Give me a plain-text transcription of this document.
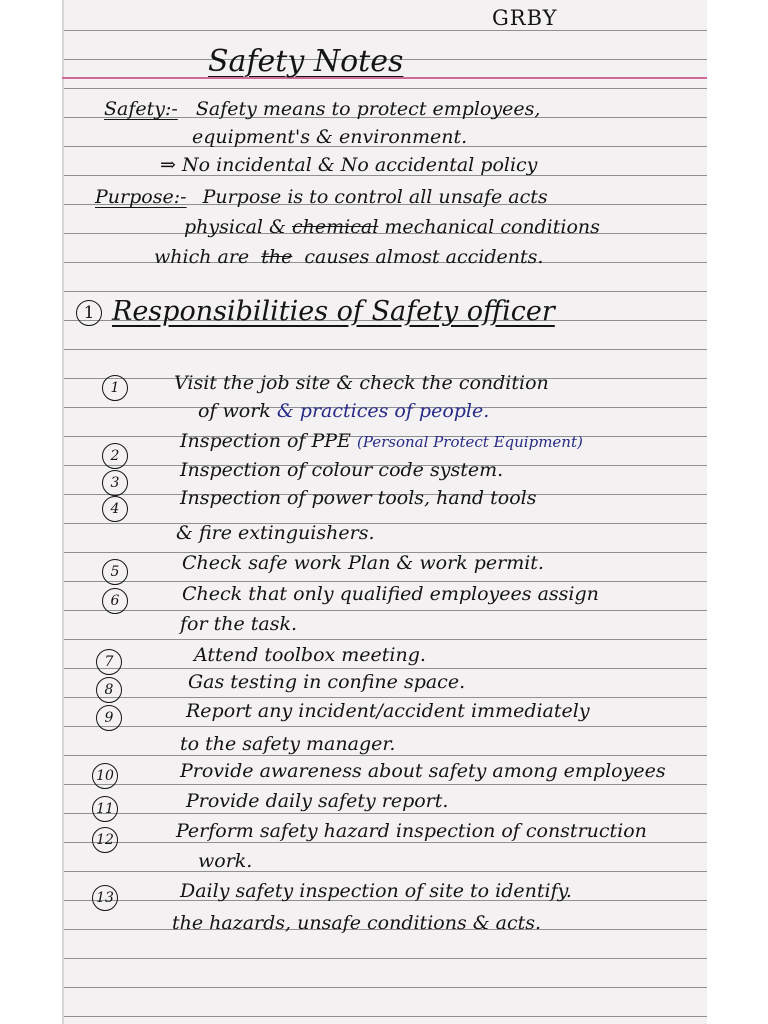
GRBY
Safety Notes
Safety:- Safety means to protect employees,
equipment's & environment.
⇒ No incidental & No accidental policy
Purpose:- Purpose is to control all unsafe acts
physical & chemical mechanical conditions
which are the causes almost accidents.
1 Responsibilities of Safety officer
1	Visit the job site & check the condition
of work & practices of people.
2
Inspection of PPE (Personal Protect Equipment)
3
Inspection of colour code system.
4	Inspection of power tools, hand tools
& fire extinguishers.
5	Check safe work Plan & work permit.
6	Check that only qualified employees assign
for the task.
7	Attend toolbox meeting.
8	Gas testing in confine space.
9	Report any incident/accident immediately
to the safety manager.
10	Provide awareness about safety among employees
11	Provide daily safety report.
12	Perform safety hazard inspection of construction
work.
13	Daily safety inspection of site to identify.
the hazards, unsafe conditions & acts.
